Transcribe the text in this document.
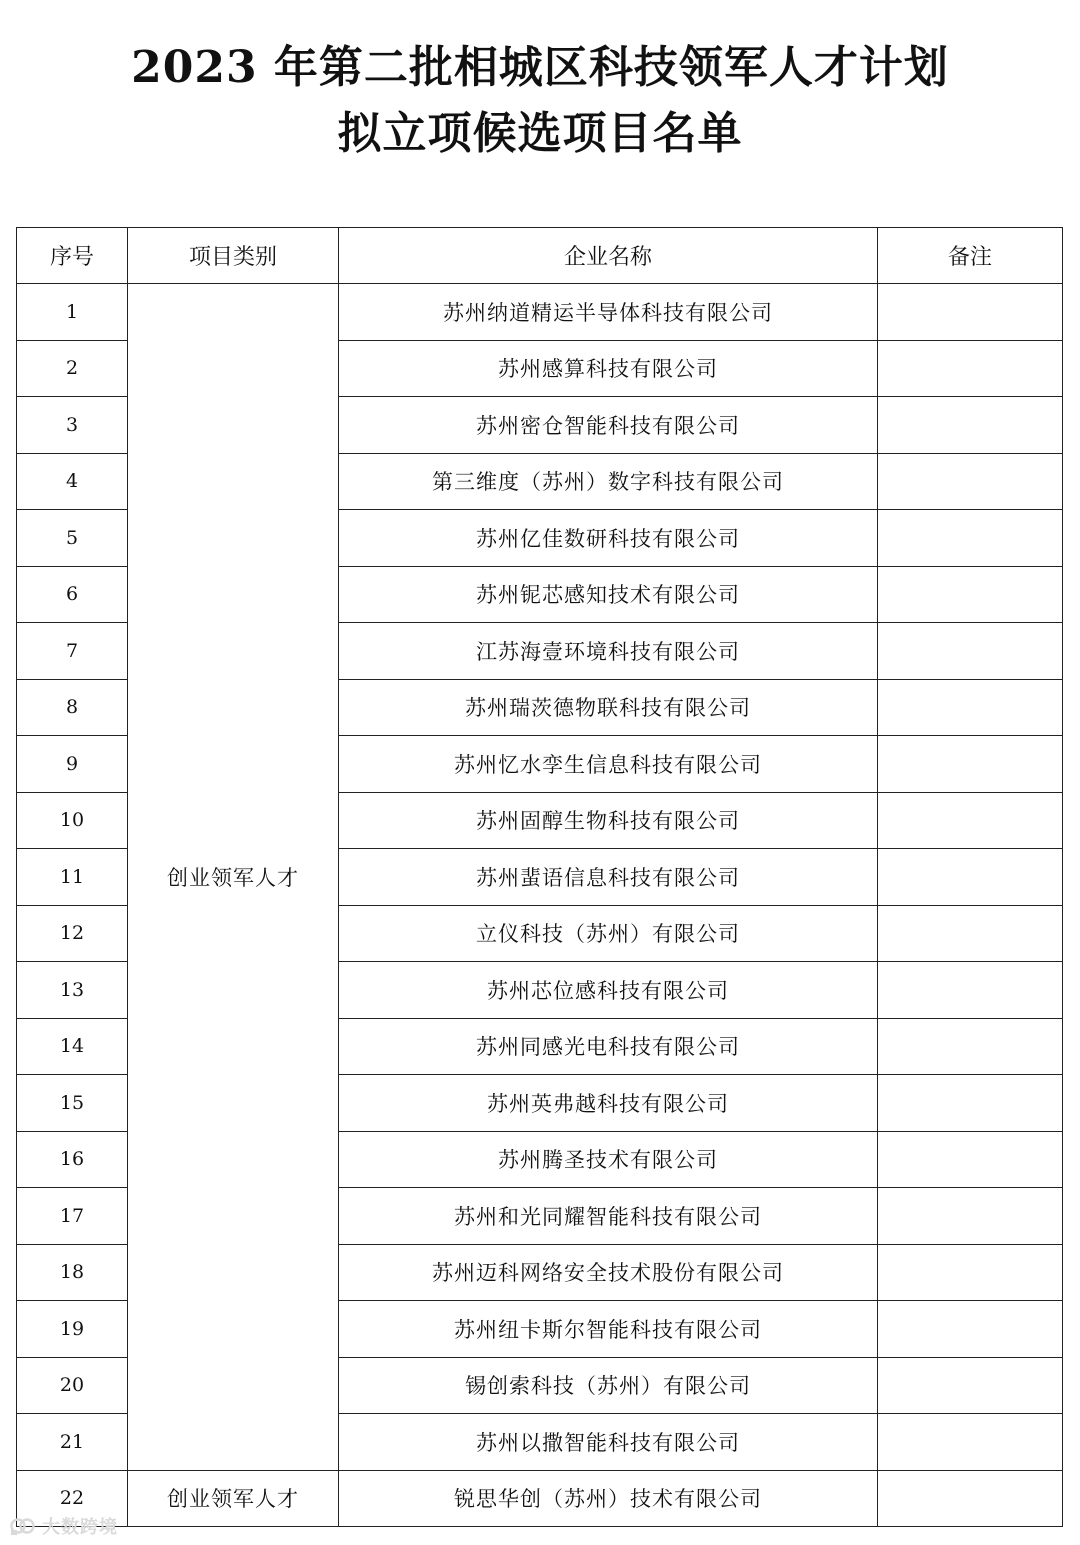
2023 年第二批相城区科技领军人才计划
拟立项候选项目名单
序号	项目类别	企业名称	备注
1	创业领军人才	苏州纳道精运半导体科技有限公司	
2		苏州感算科技有限公司	
3		苏州密仓智能科技有限公司	
4		第三维度（苏州）数字科技有限公司	
5		苏州亿佳数研科技有限公司	
6		苏州铌芯感知技术有限公司	
7		江苏海壹环境科技有限公司	
8		苏州瑞茨德物联科技有限公司	
9		苏州忆水孪生信息科技有限公司	
10		苏州固醇生物科技有限公司	
11		苏州蜚语信息科技有限公司	
12		立仪科技（苏州）有限公司	
13		苏州芯位感科技有限公司	
14		苏州同感光电科技有限公司	
15		苏州英弗越科技有限公司	
16		苏州腾圣技术有限公司	
17		苏州和光同耀智能科技有限公司	
18		苏州迈科网络安全技术股份有限公司	
19		苏州纽卡斯尔智能科技有限公司	
20		锡创索科技（苏州）有限公司	
21		苏州以撒智能科技有限公司	
22	创业领军人才	锐思华创（苏州）技术有限公司	
大数跨境
